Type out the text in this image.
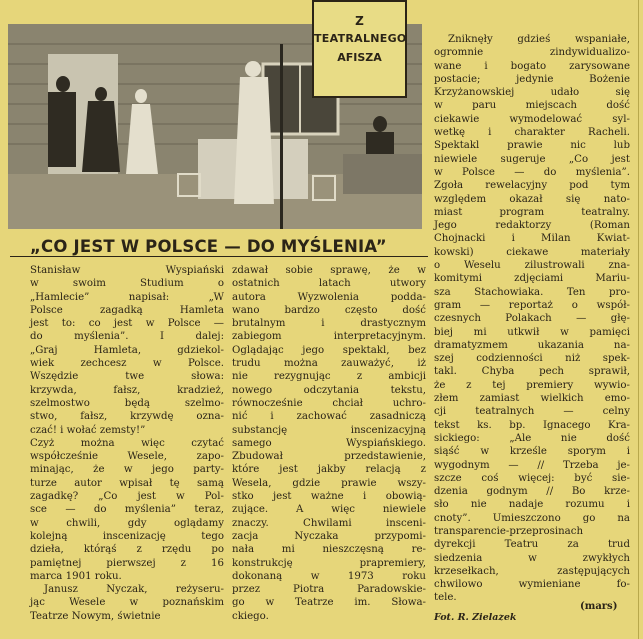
Z
TEATRALNEGO
AFISZA
„CO JEST W POLSCE — DO MYŚLENIA”
Stanisław Wyspiański
w swoim Studium o
„Hamlecie” napisał: „W
Polsce zagadką Hamleta
jest to: co jest w Polsce —
do myślenia”. I dalej:
„Graj Hamleta, gdziekol-
wiek zechcesz w Polsce.
Wszędzie twe słowa:
krzywda, fałsz, kradzież,
szelmostwo będą szelmo-
stwo, fałsz, krzywdę ozna-
czać! i wołać zemsty!”
Czyż można więc czytać
współcześnie Wesele, zapo-
minając, że w jego party-
turze autor wpisał tę samą
zagadkę? „Co jest w Pol-
sce — do myślenia” teraz,
w chwili, gdy oglądamy
kolejną inscenizację tego
dzieła, którąś z rzędu po
pamiętnej pierwszej z 16
marca 1901 roku.
Janusz Nyczak, reżyseru-
jąc Wesele w poznańskim
Teatrze Nowym, świetnie
zdawał sobie sprawę, że w
ostatnich latach utwory
autora Wyzwolenia podda-
wano bardzo często dość
brutalnym i drastycznym
zabiegom interpretacyjnym.
Oglądając jego spektakl, bez
trudu można zauważyć, iż
nie rezygnując z ambicji
nowego odczytania tekstu,
równocześnie chciał uchro-
nić i zachować zasadniczą
substancję inscenizacyjną
samego Wyspiańskiego.
Zbudował przedstawienie,
które jest jakby relacją z
Wesela, gdzie prawie wszy-
stko jest ważne i obowią-
zujące. A więc niewiele
znaczy. Chwilami insceni-
zacja Nyczaka przypomi-
nała mi nieszczęsną re-
konstrukcję prapremiery,
dokonaną w 1973 roku
przez Piotra Paradowskie-
go w Teatrze im. Słowa-
ckiego.
Zniknęły gdzieś wspaniałe,
ogromnie zindywidualizo-
wane i bogato zarysowane
postacie; jedynie Bożenie
Krzyżanowskiej udało się
w paru miejscach dość
ciekawie wymodelować syl-
wetkę i charakter Racheli.
Spektakl prawie nic lub
niewiele sugeruje „Co jest
w Polsce — do myślenia”.
Zgoła rewelacyjny pod tym
względem okazał się nato-
miast program teatralny.
Jego redaktorzy (Roman
Chojnacki i Milan Kwiat-
kowski) ciekawe materiały
o Weselu zilustrowali zna-
komitymi zdjęciami Mariu-
sza Stachowiaka. Ten pro-
gram — reportaż o współ-
czesnych Polakach — głę-
biej mi utkwił w pamięci
dramatyzmem ukazania na-
szej codzienności niż spek-
takl. Chyba pech sprawił,
że z tej premiery wywio-
złem zamiast wielkich emo-
cji teatralnych — celny
tekst ks. bp. Ignacego Kra-
sickiego: „Ale nie dość
siąść w krześle sporym i
wygodnym — // Trzeba je-
szcze coś więcej: być sie-
dzenia godnym // Bo krze-
sło nie nadaje rozumu i
cnoty”. Umieszczono go na
transparencie-przeprosinach
dyrekcji Teatru za trud
siedzenia w zwykłych
krzesełkach, zastępujących
chwilowo wymieniane fo-
tele.
(mars)
Fot. R. Zielazek
